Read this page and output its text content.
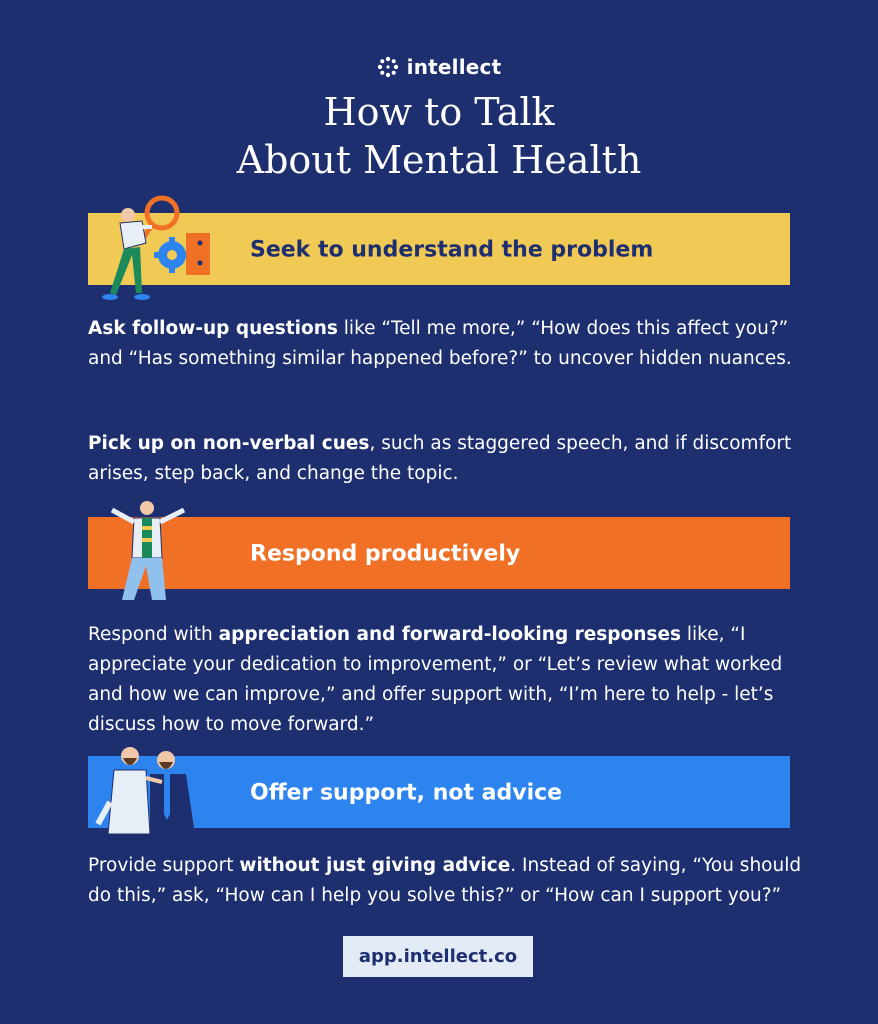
intellect
How to Talk
About Mental Health
Seek to understand the problem
Ask follow-up questions like “Tell me more,” “How does this affect you?” and “Has something similar happened before?” to uncover hidden nuances.
Pick up on non-verbal cues, such as staggered speech, and if discomfort arises, step back, and change the topic.
Respond productively
Respond with appreciation and forward-looking responses like, “I appreciate your dedication to improvement,” or “Let’s review what worked and how we can improve,” and offer support with, “I’m here to help - let’s discuss how to move forward.”
Offer support, not advice
Provide support without just giving advice. Instead of saying, “You should do this,” ask, “How can I help you solve this?” or “How can I support you?”
app.intellect.co
